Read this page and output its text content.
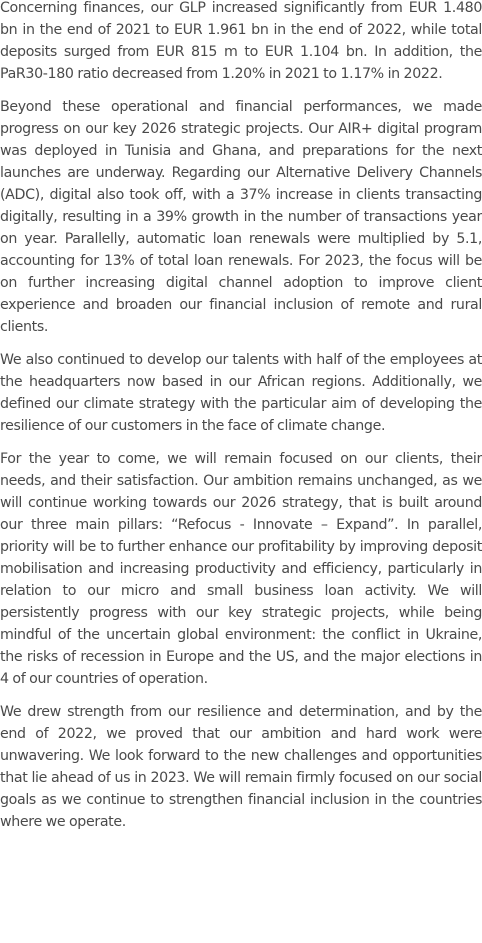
Concerning finances, our GLP increased significantly from EUR 1.480 bn in the end of 2021 to EUR 1.961 bn in the end of 2022, while total deposits surged from EUR 815 m to EUR 1.104 bn. In addition, the PaR30-180 ratio decreased from 1.20% in 2021 to 1.17% in 2022.

Beyond these operational and financial performances, we made progress on our key 2026 strategic projects. Our AIR+ digital program was deployed in Tunisia and Ghana, and preparations for the next launches are underway. Regarding our Alternative Delivery Channels (ADC), digital also took off, with a 37% increase in clients transacting digitally, resulting in a 39% growth in the number of transactions year on year. Parallelly, automatic loan renewals were multiplied by 5.1, accounting for 13% of total loan renewals. For 2023, the focus will be on further increasing digital channel adoption to improve client experience and broaden our financial inclusion of remote and rural clients.

We also continued to develop our talents with half of the employees at the headquarters now based in our African regions. Additionally, we defined our climate strategy with the particular aim of developing the resilience of our customers in the face of climate change.

For the year to come, we will remain focused on our clients, their needs, and their satisfaction. Our ambition remains unchanged, as we will continue working towards our 2026 strategy, that is built around our three main pillars: “Refocus - Innovate – Expand”. In parallel, priority will be to further enhance our profitability by improving deposit mobilisation and increasing productivity and efficiency, particularly in relation to our micro and small business loan activity. We will persistently progress with our key strategic projects, while being mindful of the uncertain global environment: the conflict in Ukraine, the risks of recession in Europe and the US, and the major elections in 4 of our countries of operation.

We drew strength from our resilience and determination, and by the end of 2022, we proved that our ambition and hard work were unwavering. We look forward to the new challenges and opportunities that lie ahead of us in 2023. We will remain firmly focused on our social goals as we continue to strengthen financial inclusion in the countries where we operate.
